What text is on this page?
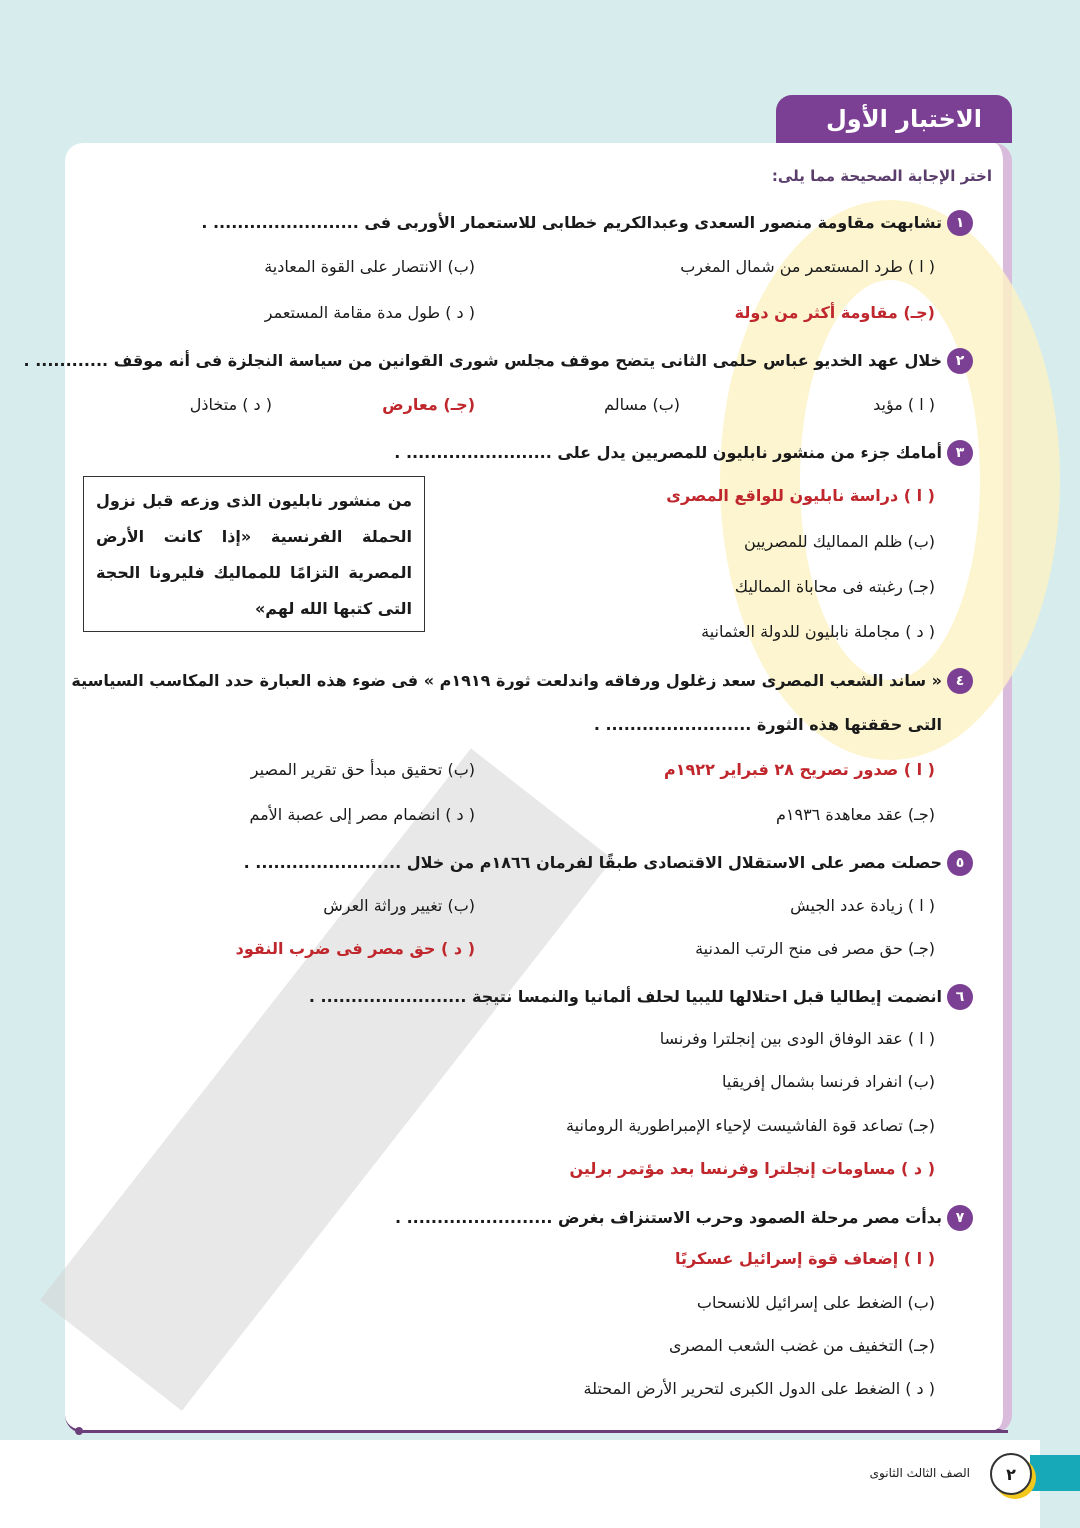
الاختبار الأول
اختر الإجابة الصحيحة مما يلى:
١
تشابهت مقاومة منصور السعدى وعبدالكريم خطابى للاستعمار الأوربى فى ........................ .
( ا ) طرد المستعمر من شمال المغرب
(ب) الانتصار على القوة المعادية
(جـ) مقاومة أكثر من دولة
( د ) طول مدة مقامة المستعمر
٢
خلال عهد الخديو عباس حلمى الثانى يتضح موقف مجلس شورى القوانين من سياسة النجلزة فى أنه موقف ............ .
( ا ) مؤيد
(ب) مسالم
(جـ) معارض
( د ) متخاذل
٣
أمامك جزء من منشور نابليون للمصريين يدل على ........................ .
من منشور نابليون الذى وزعه قبل نزول الحملة الفرنسية «إذا كانت الأرض المصرية التزامًا للمماليك فليرونا الحجة التى كتبها الله لهم»
( ا ) دراسة نابليون للواقع المصرى
(ب) ظلم المماليك للمصريين
(جـ) رغبته فى محاباة المماليك
( د ) مجاملة نابليون للدولة العثمانية
٤
« ساند الشعب المصرى سعد زغلول ورفاقه واندلعت ثورة ١٩١٩م » فى ضوء هذه العبارة حدد المكاسب السياسية
التى حققتها هذه الثورة ........................ .
( ا ) صدور تصريح ٢٨ فبراير ١٩٢٢م
(ب) تحقيق مبدأ حق تقرير المصير
(جـ) عقد معاهدة ١٩٣٦م
( د ) انضمام مصر إلى عصبة الأمم
٥
حصلت مصر على الاستقلال الاقتصادى طبقًا لفرمان ١٨٦٦م من خلال ........................ .
( ا ) زيادة عدد الجيش
(ب) تغيير وراثة العرش
(جـ) حق مصر فى منح الرتب المدنية
( د ) حق مصر فى ضرب النقود
٦
انضمت إيطاليا قبل احتلالها لليبيا لحلف ألمانيا والنمسا نتيجة ........................ .
( ا ) عقد الوفاق الودى بين إنجلترا وفرنسا
(ب) انفراد فرنسا بشمال إفريقيا
(جـ) تصاعد قوة الفاشيست لإحياء الإمبراطورية الرومانية
( د ) مساومات إنجلترا وفرنسا بعد مؤتمر برلين
٧
بدأت مصر مرحلة الصمود وحرب الاستنزاف بغرض ........................ .
( ا ) إضعاف قوة إسرائيل عسكريًا
(ب) الضغط على إسرائيل للانسحاب
(جـ) التخفيف من غضب الشعب المصرى
( د ) الضغط على الدول الكبرى لتحرير الأرض المحتلة
٢
الصف الثالث الثانوى
